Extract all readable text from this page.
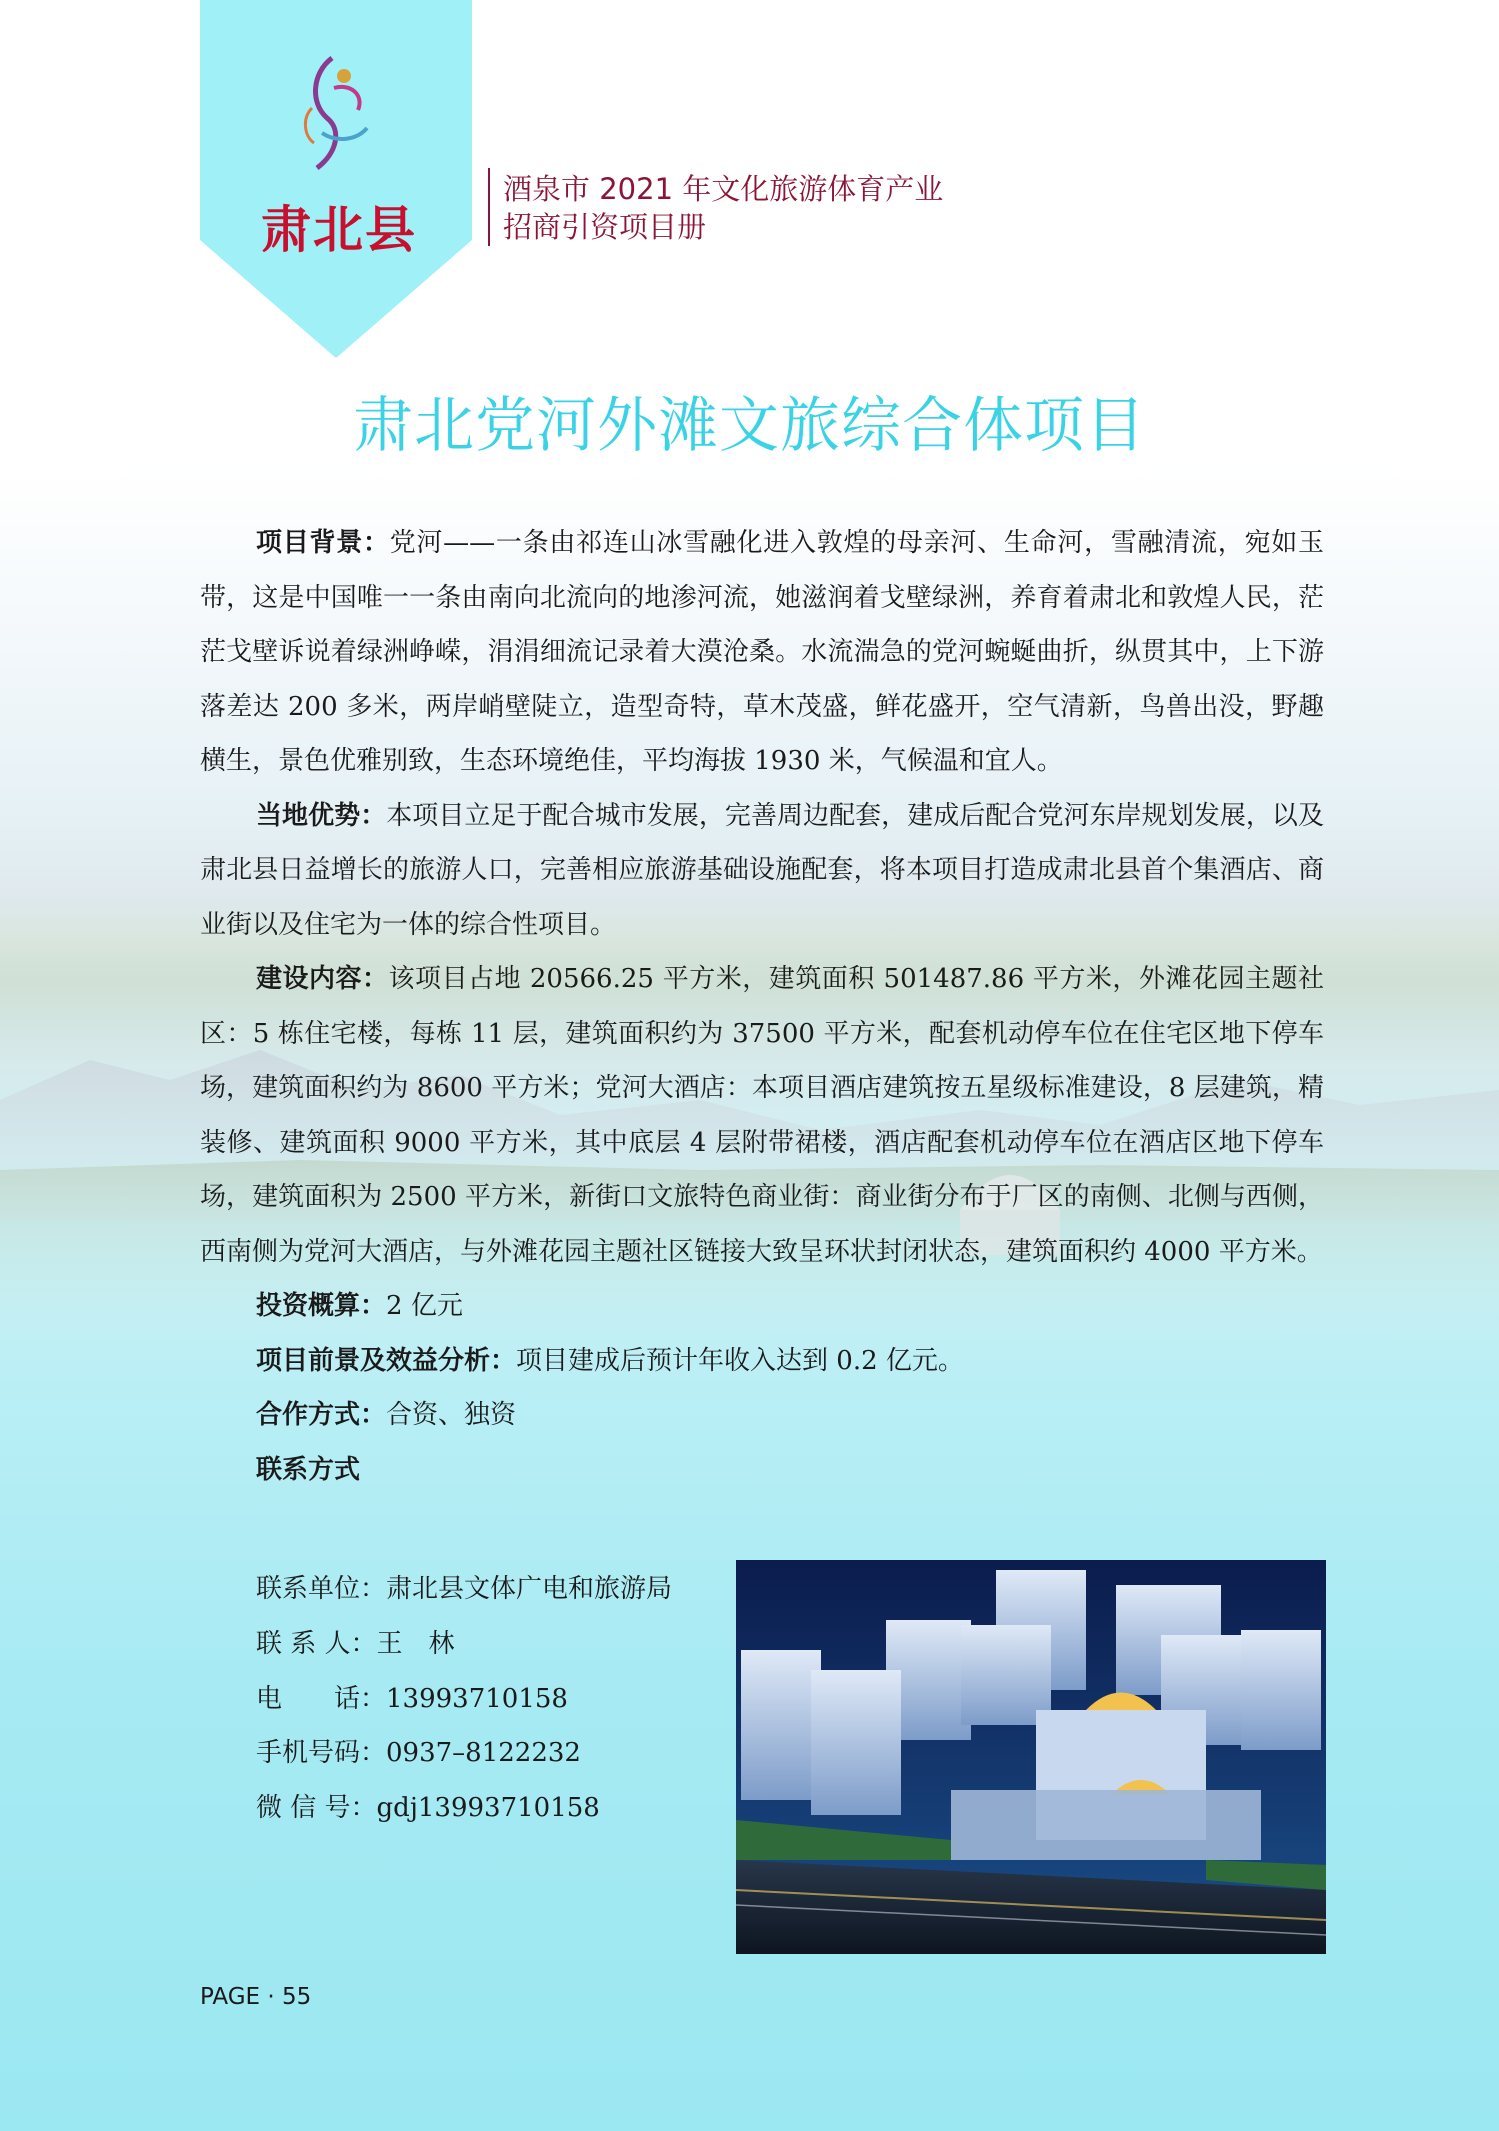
肃北县
酒泉市 2021 年文化旅游体育产业
招商引资项目册
肃北党河外滩文旅综合体项目

项目背景：党河——一条由祁连山冰雪融化进入敦煌的母亲河、生命河，雪融清流，宛如玉带，这是中国唯一一条由南向北流向的地渗河流，她滋润着戈壁绿洲，养育着肃北和敦煌人民，茫茫戈壁诉说着绿洲峥嵘，涓涓细流记录着大漠沧桑。水流湍急的党河蜿蜒曲折，纵贯其中，上下游落差达 200 多米，两岸峭壁陡立，造型奇特，草木茂盛，鲜花盛开，空气清新，鸟兽出没，野趣横生，景色优雅别致，生态环境绝佳，平均海拔 1930 米，气候温和宜人。

当地优势：本项目立足于配合城市发展，完善周边配套，建成后配合党河东岸规划发展，以及肃北县日益增长的旅游人口，完善相应旅游基础设施配套，将本项目打造成肃北县首个集酒店、商业街以及住宅为一体的综合性项目。

建设内容：该项目占地 20566.25 平方米，建筑面积 501487.86 平方米，外滩花园主题社区：5 栋住宅楼，每栋 11 层，建筑面积约为 37500 平方米，配套机动停车位在住宅区地下停车场，建筑面积约为 8600 平方米；党河大酒店：本项目酒店建筑按五星级标准建设，8 层建筑，精装修、建筑面积 9000 平方米，其中底层 4 层附带裙楼，酒店配套机动停车位在酒店区地下停车场，建筑面积为 2500 平方米，新街口文旅特色商业街：商业街分布于厂区的南侧、北侧与西侧，西南侧为党河大酒店，与外滩花园主题社区链接大致呈环状封闭状态，建筑面积约 4000 平方米。

投资概算：2 亿元

项目前景及效益分析：项目建成后预计年收入达到 0.2 亿元。

合作方式：合资、独资

联系方式

联系单位：肃北县文体广电和旅游局
联 系 人：王　林
电　　话：13993710158
手机号码：0937–8122232
微 信 号：gdj13993710158
PAGE · 55
